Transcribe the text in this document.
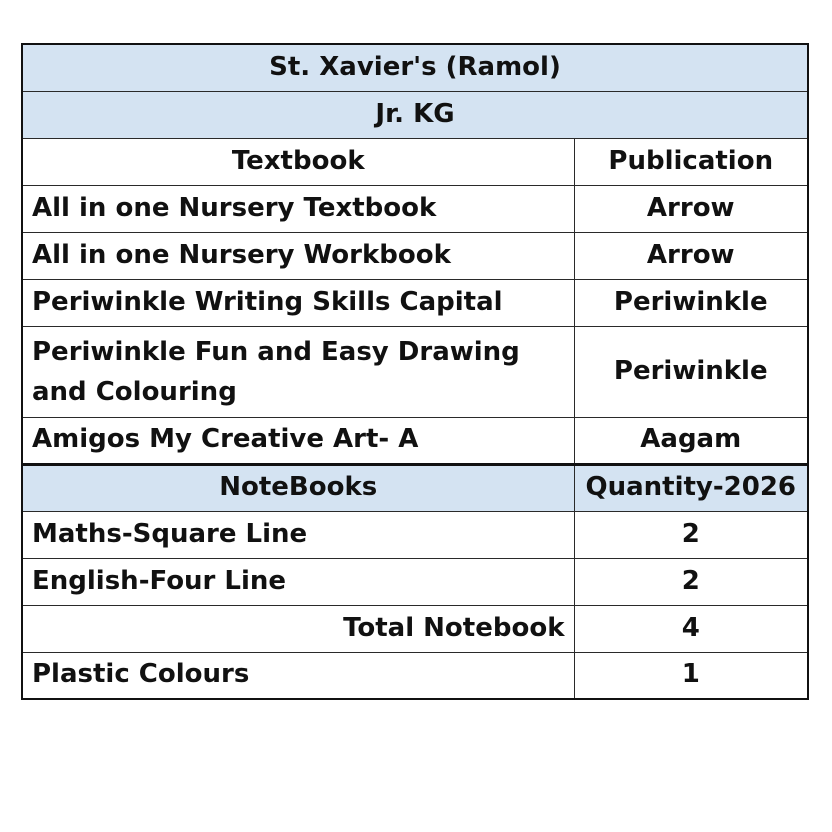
St. Xavier's (Ramol)	
Jr. KG	
Textbook	Publication
All in one Nursery Textbook	Arrow
All in one Nursery Workbook	Arrow
Periwinkle Writing Skills Capital	Periwinkle
Periwinkle Fun and Easy Drawing and Colouring	Periwinkle
Amigos My Creative Art- A	Aagam
NoteBooks	Quantity-2026
Maths-Square Line	2
English-Four Line	2
Total Notebook	4
Plastic Colours	1
